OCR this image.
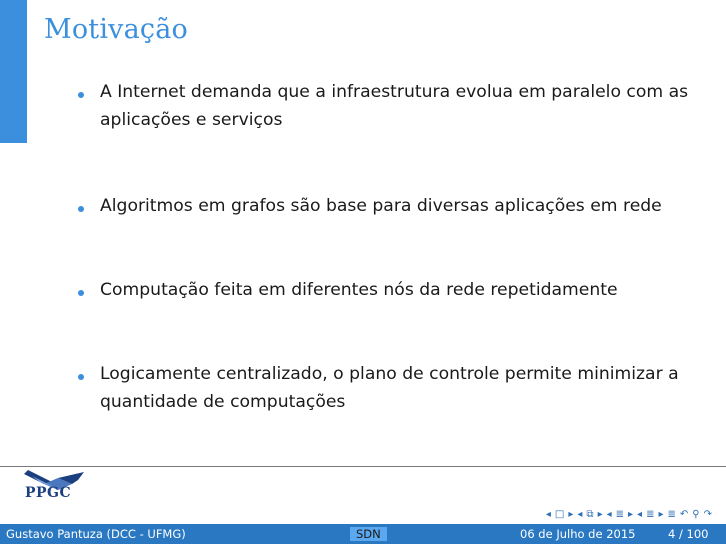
Motivação
A Internet demanda que a infraestrutura evolua em paralelo com as aplicações e serviços
Algoritmos em grafos são base para diversas aplicações em rede
Computação feita em diferentes nós da rede repetidamente
Logicamente centralizado, o plano de controle permite minimizar a quantidade de computações
PPGC
◂ □ ▸ ◂ ⧉ ▸ ◂ ≣ ▸ ◂ ≣ ▸ ≣ ↶ ⚲ ↷
Gustavo Pantuza (DCC - UFMG)	SDN	06 de Julho de 2015	4 / 100
